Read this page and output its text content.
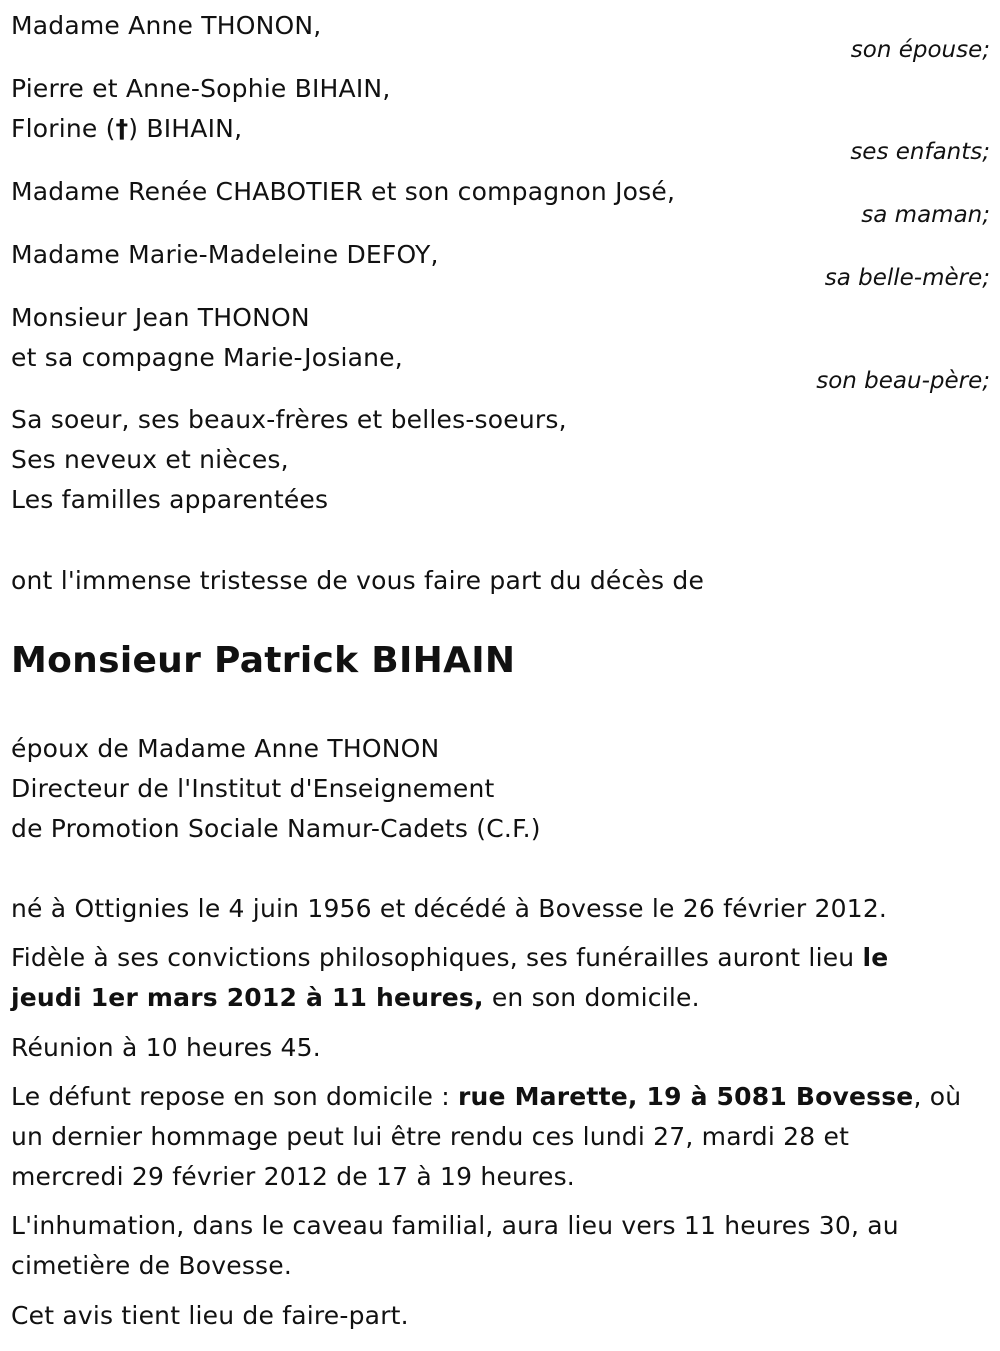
Madame Anne THONON,
son épouse;
Pierre et Anne-Sophie BIHAIN,
Florine (†) BIHAIN,
ses enfants;
Madame Renée CHABOTIER et son compagnon José,
sa maman;
Madame Marie-Madeleine DEFOY,
sa belle-mère;
Monsieur Jean THONON
et sa compagne Marie-Josiane,
son beau-père;
Sa soeur, ses beaux-frères et belles-soeurs,
Ses neveux et nièces,
Les familles apparentées
ont l'immense tristesse de vous faire part du décès de
Monsieur Patrick BIHAIN
époux de Madame Anne THONON
Directeur de l'Institut d'Enseignement
de Promotion Sociale Namur-Cadets (C.F.)
né à Ottignies le 4 juin 1956 et décédé à Bovesse le 26 février 2012.
Fidèle à ses convictions philosophiques, ses funérailles auront lieu le
jeudi 1er mars 2012 à 11 heures, en son domicile.
Réunion à 10 heures 45.
Le défunt repose en son domicile : rue Marette, 19 à 5081 Bovesse, où
un dernier hommage peut lui être rendu ces lundi 27, mardi 28 et
mercredi 29 février 2012 de 17 à 19 heures.
L'inhumation, dans le caveau familial, aura lieu vers 11 heures 30, au
cimetière de Bovesse.
Cet avis tient lieu de faire-part.
